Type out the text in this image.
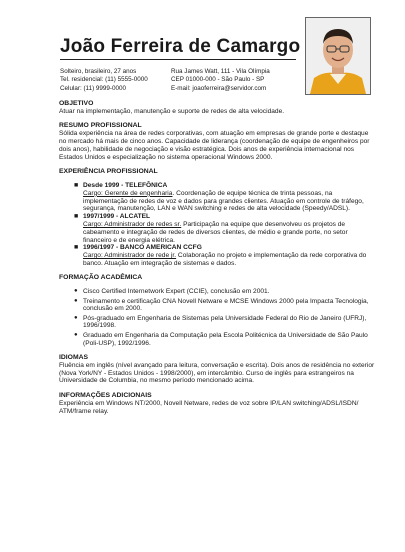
João Ferreira de Camargo
Solteiro, brasileiro, 27 anos
Tel. residencial: (11) 5555-0000
Celular: (11) 9999-0000
Rua James Watt, 111 - Vila Olímpia
CEP 01000-000 - São Paulo - SP
E-mail: joaoferreira@servidor.com

OBJETIVO

Atuar na implementação, manutenção e suporte de redes de alta velocidade.

RESUMO PROFISSIONAL

Sólida experiência na área de redes corporativas, com atuação em empresas de grande porte e destaque no mercado há mais de cinco anos. Capacidade de liderança (coordenação de equipe de engenheiros por dois anos), habilidade de negociação e visão estratégica. Dois anos de experiência internacional nos Estados Unidos e especialização no sistema operacional Windows 2000.

EXPERIÊNCIA PROFISSIONAL

■ Desde 1999 - TELEFÔNICA
Cargo: Gerente de engenharia. Coordenação de equipe técnica de trinta pessoas, na implementação de redes de voz e dados para grandes clientes. Atuação em controle de tráfego, segurança, manutenção, LAN e WAN switching e redes de alta velocidade (Speedy/ADSL).
■ 1997/1999 - ALCATEL
Cargo: Administrador de redes sr. Participação na equipe que desenvolveu os projetos de cabeamento e integração de redes de diversos clientes, de médio e grande porte, no setor financeiro e de energia elétrica.
■ 1996/1997 - BANCO AMERICAN CCFG
Cargo: Administrador de rede jr. Colaboração no projeto e implementação da rede corporativa do banco. Atuação em integração de sistemas e dados.

FORMAÇÃO ACADÊMICA

● Cisco Certified Internetwork Expert (CCIE), conclusão em 2001.
● Treinamento e certificação CNA Novell Netware e MCSE Windows 2000 pela Impacta Tecnologia, conclusão em 2000.
● Pós-graduado em Engenharia de Sistemas pela Universidade Federal do Rio de Janeiro (UFRJ), 1996/1998.
● Graduado em Engenharia da Computação pela Escola Politécnica da Universidade de São Paulo (Poli-USP), 1992/1996.

IDIOMAS

Fluência em inglês (nível avançado para leitura, conversação e escrita). Dois anos de residência no exterior (Nova York/NY - Estados Unidos - 1998/2000), em intercâmbio. Curso de inglês para estrangeiros na Universidade de Columbia, no mesmo período mencionado acima.

INFORMAÇÕES ADICIONAIS

Experiência em Windows NT/2000, Novell Netware, redes de voz sobre IP/LAN switching/ADSL/ISDN/ ATM/frame relay.
